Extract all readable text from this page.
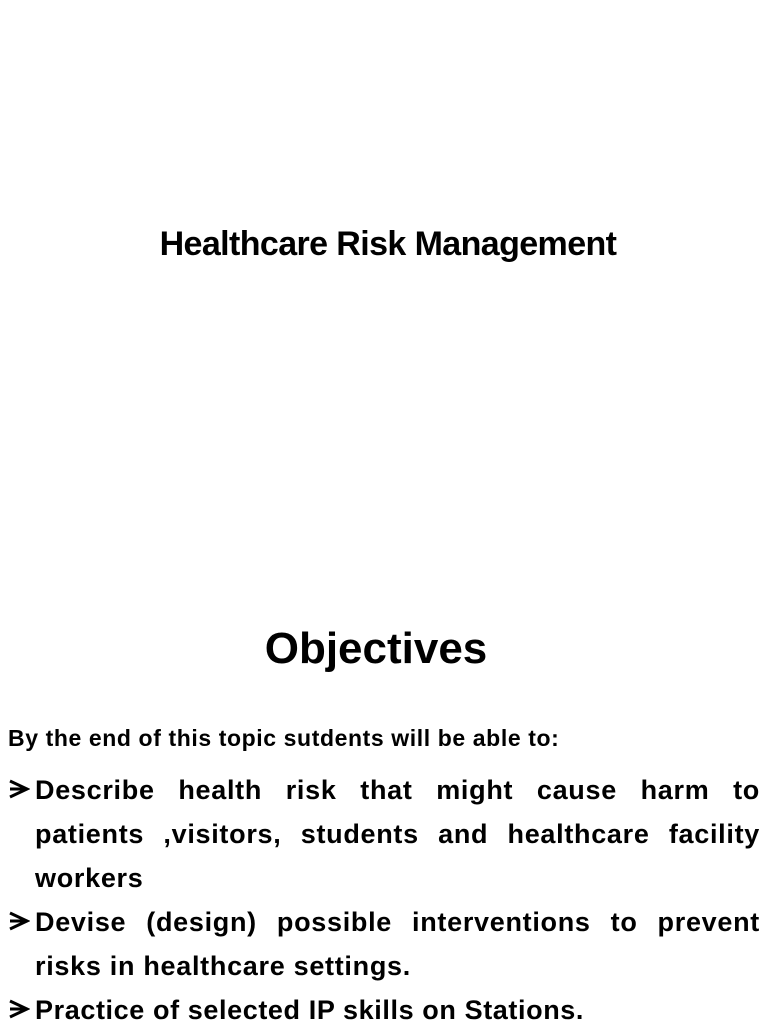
Healthcare Risk Management
Objectives
By the end of this topic sutdents will be able to:
Describe health risk that might cause harm to patients ,visitors, students and healthcare facility workers
Devise (design) possible interventions to prevent risks in healthcare settings.
Practice of selected IP skills on Stations.
